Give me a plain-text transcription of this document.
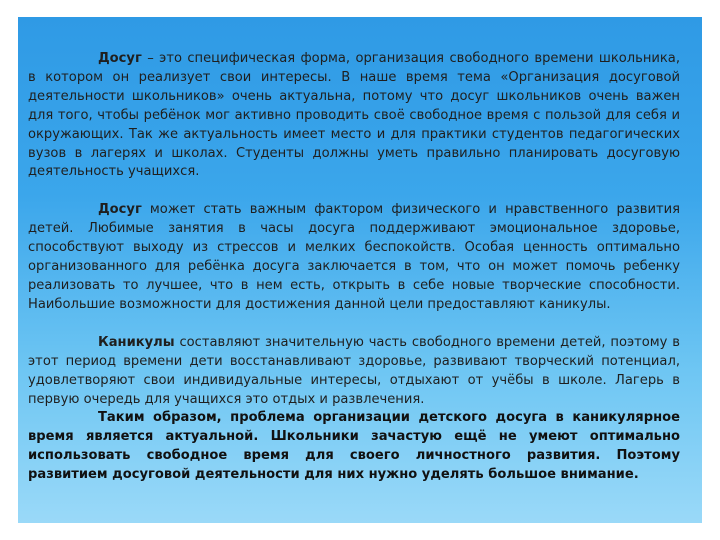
Досуг – это специфическая форма, организация свободного времени школьника, в котором он реализует свои интересы. В наше время тема «Организация досуговой деятельности школьников» очень актуальна, потому что досуг школьников очень важен для того, чтобы ребёнок мог активно проводить своё свободное время с пользой для себя и окружающих. Так же актуальность имеет место и для практики студентов педагогических вузов в лагерях и школах. Студенты должны уметь правильно планировать досуговую деятельность учащихся.

Досуг может стать важным фактором физического и нравственного развития детей. Любимые занятия в часы досуга поддерживают эмоциональное здоровье, способствуют выходу из стрессов и мелких беспокойств. Особая ценность оптимально организованного для ребёнка досуга заключается в том, что он может помочь ребенку реализовать то лучшее, что в нем есть, открыть в себе новые творческие способности. Наибольшие возможности для достижения данной цели предоставляют каникулы.

Каникулы составляют значительную часть свободного времени детей, поэтому в этот период времени дети восстанавливают здоровье, развивают творческий потенциал, удовлетворяют свои индивидуальные интересы, отдыхают от учёбы в школе. Лагерь в первую очередь для учащихся это отдых и развлечения.

Таким образом, проблема организации детского досуга в каникулярное время является актуальной. Школьники зачастую ещё не умеют оптимально использовать свободное время для своего личностного развития. Поэтому развитием досуговой деятельности для них нужно уделять большое внимание.
